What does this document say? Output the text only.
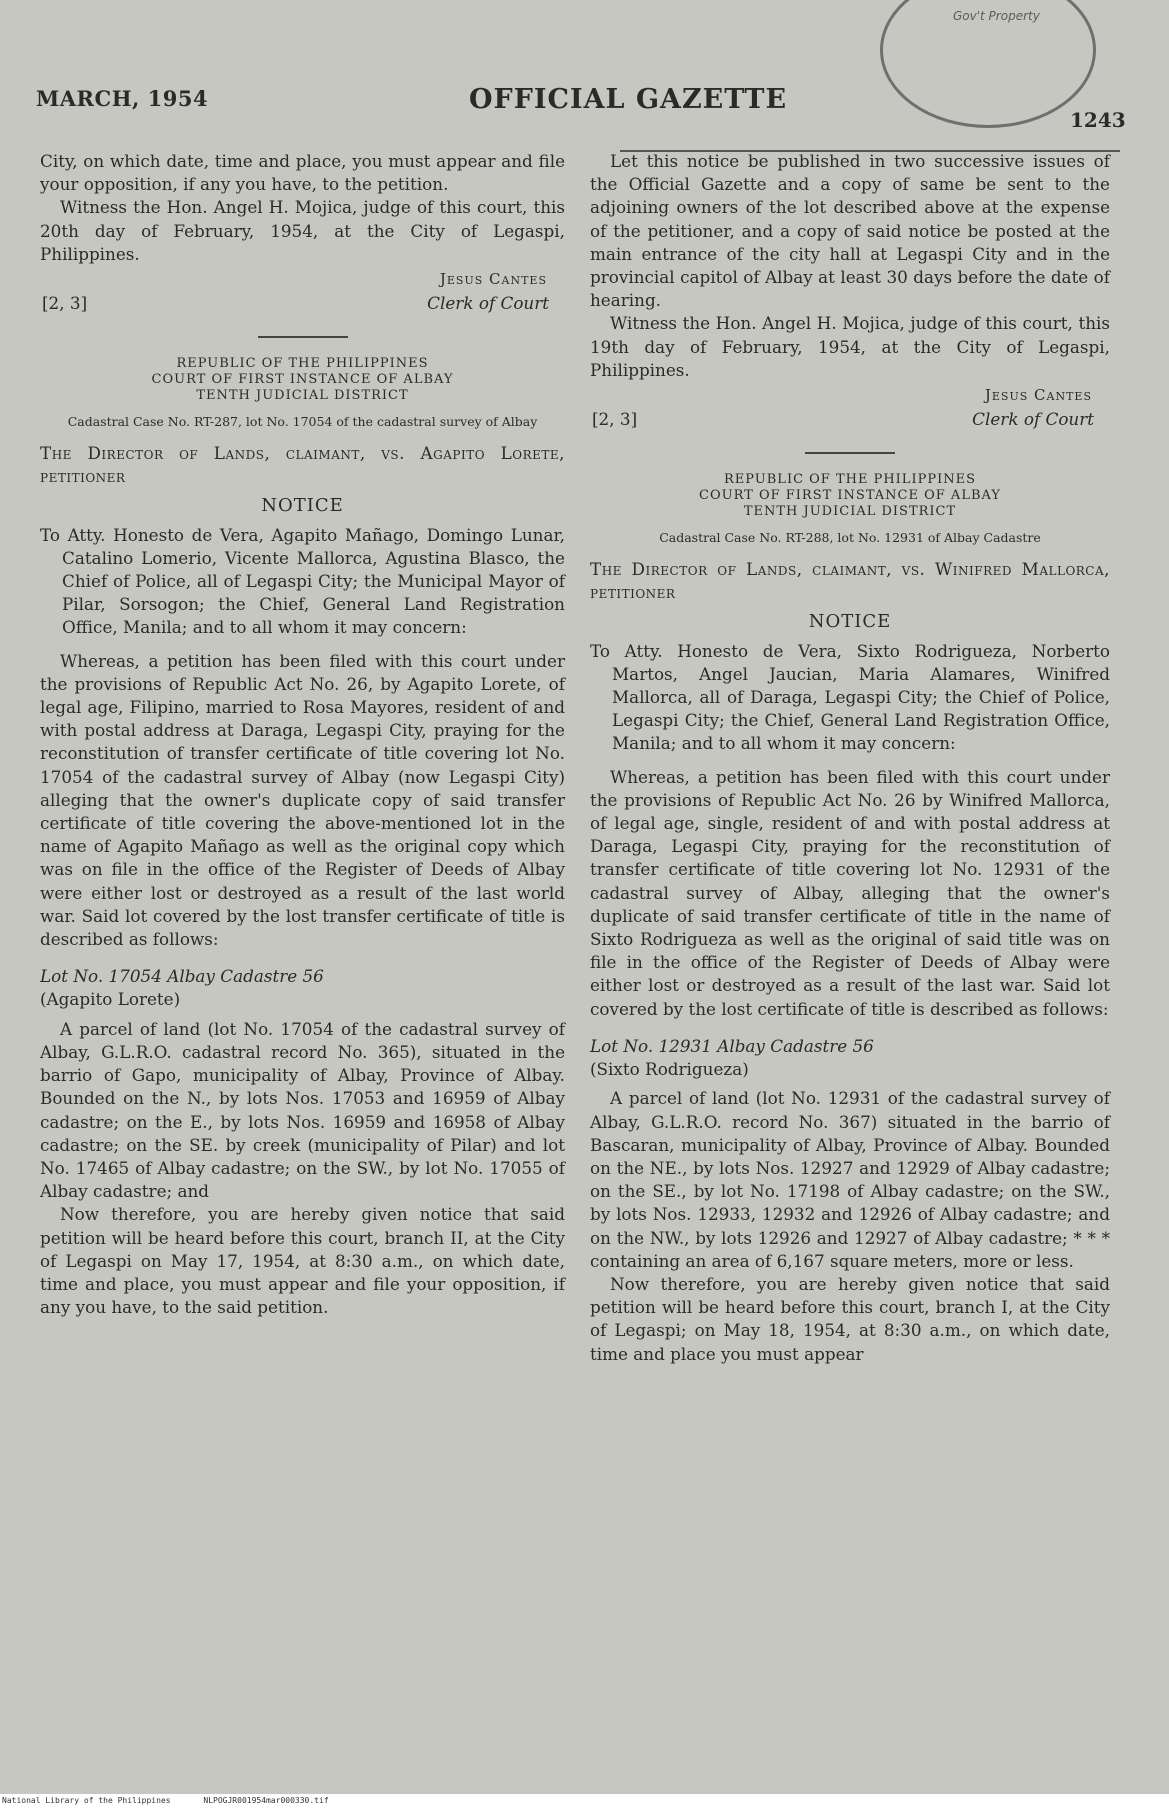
Gov't Property
MARCH, 1954	OFFICIAL GAZETTE
1243

City, on which date, time and place, you must appear and file your opposition, if any you have, to the petition.

Witness the Hon. Angel H. Mojica, judge of this court, this 20th day of February, 1954, at the City of Legaspi, Philippines.

Jesus Cantes
[2, 3]	Clerk of Court
REPUBLIC OF THE PHILIPPINES
COURT OF FIRST INSTANCE OF ALBAY
TENTH JUDICIAL DISTRICT
Cadastral Case No. RT-287, lot No. 17054 of the cadastral survey of Albay

The Director of Lands, claimant, vs. Agapito Lorete, petitioner

NOTICE

To Atty. Honesto de Vera, Agapito Mañago, Domingo Lunar, Catalino Lomerio, Vicente Mallorca, Agustina Blasco, the Chief of Police, all of Legaspi City; the Municipal Mayor of Pilar, Sorsogon; the Chief, General Land Registration Office, Manila; and to all whom it may concern:

Whereas, a petition has been filed with this court under the provisions of Republic Act No. 26, by Agapito Lorete, of legal age, Filipino, married to Rosa Mayores, resident of and with postal address at Daraga, Legaspi City, praying for the reconstitution of transfer certificate of title covering lot No. 17054 of the cadastral survey of Albay (now Legaspi City) alleging that the owner's duplicate copy of said transfer certificate of title covering the above-mentioned lot in the name of Agapito Mañago as well as the original copy which was on file in the office of the Register of Deeds of Albay were either lost or destroyed as a result of the last world war. Said lot covered by the lost transfer certificate of title is described as follows:

Lot No. 17054 Albay Cadastre 56

(Agapito Lorete)

A parcel of land (lot No. 17054 of the cadastral survey of Albay, G.L.R.O. cadastral record No. 365), situated in the barrio of Gapo, municipality of Albay, Province of Albay. Bounded on the N., by lots Nos. 17053 and 16959 of Albay cadastre; on the E., by lots Nos. 16959 and 16958 of Albay cadastre; on the SE. by creek (municipality of Pilar) and lot No. 17465 of Albay cadastre; on the SW., by lot No. 17055 of Albay cadastre; and

Now therefore, you are hereby given notice that said petition will be heard before this court, branch II, at the City of Legaspi on May 17, 1954, at 8:30 a.m., on which date, time and place, you must appear and file your opposition, if any you have, to the said petition.

Let this notice be published in two successive issues of the Official Gazette and a copy of same be sent to the adjoining owners of the lot described above at the expense of the petitioner, and a copy of said notice be posted at the main entrance of the city hall at Legaspi City and in the provincial capitol of Albay at least 30 days before the date of hearing.

Witness the Hon. Angel H. Mojica, judge of this court, this 19th day of February, 1954, at the City of Legaspi, Philippines.

Jesus Cantes
[2, 3]	Clerk of Court
REPUBLIC OF THE PHILIPPINES
COURT OF FIRST INSTANCE OF ALBAY
TENTH JUDICIAL DISTRICT
Cadastral Case No. RT-288, lot No. 12931 of Albay Cadastre

The Director of Lands, claimant, vs. Winifred Mallorca, petitioner

NOTICE

To Atty. Honesto de Vera, Sixto Rodrigueza, Norberto Martos, Angel Jaucian, Maria Alamares, Winifred Mallorca, all of Daraga, Legaspi City; the Chief of Police, Legaspi City; the Chief, General Land Registration Office, Manila; and to all whom it may concern:

Whereas, a petition has been filed with this court under the provisions of Republic Act No. 26 by Winifred Mallorca, of legal age, single, resident of and with postal address at Daraga, Legaspi City, praying for the reconstitution of transfer certificate of title covering lot No. 12931 of the cadastral survey of Albay, alleging that the owner's duplicate of said transfer certificate of title in the name of Sixto Rodrigueza as well as the original of said title was on file in the office of the Register of Deeds of Albay were either lost or destroyed as a result of the last war. Said lot covered by the lost certificate of title is described as follows:

Lot No. 12931 Albay Cadastre 56

(Sixto Rodrigueza)

A parcel of land (lot No. 12931 of the cadastral survey of Albay, G.L.R.O. record No. 367) situated in the barrio of Bascaran, municipality of Albay, Province of Albay. Bounded on the NE., by lots Nos. 12927 and 12929 of Albay cadastre; on the SE., by lot No. 17198 of Albay cadastre; on the SW., by lots Nos. 12933, 12932 and 12926 of Albay cadastre; and on the NW., by lots 12926 and 12927 of Albay cadastre; * * * containing an area of 6,167 square meters, more or less.

Now therefore, you are hereby given notice that said petition will be heard before this court, branch I, at the City of Legaspi; on May 18, 1954, at 8:30 a.m., on which date, time and place you must appear

National Library of the Philippines	NLPOGJR001954mar000330.tif
